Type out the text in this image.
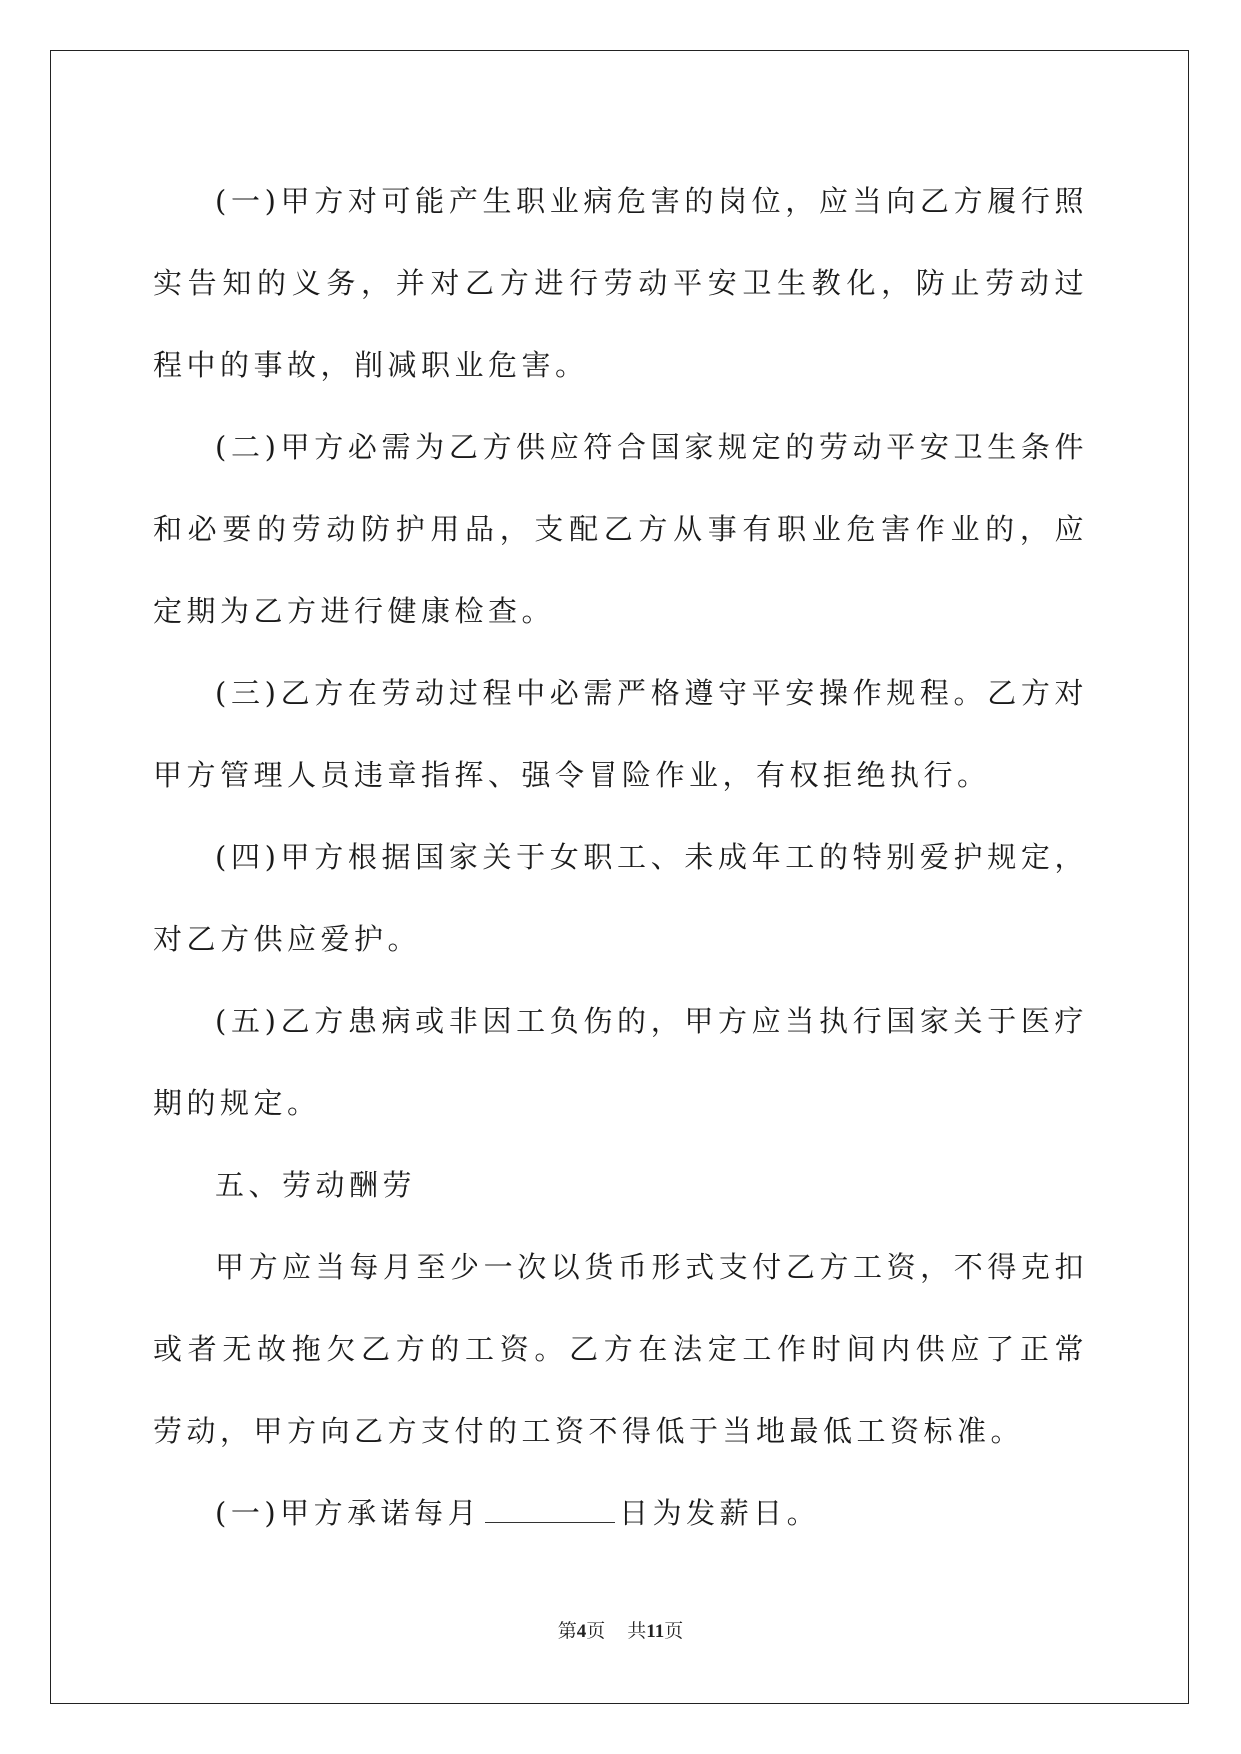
(一)甲方对可能产生职业病危害的岗位，应当向乙方履行照实告知的义务，并对乙方进行劳动平安卫生教化，防止劳动过程中的事故，削减职业危害。

(二)甲方必需为乙方供应符合国家规定的劳动平安卫生条件和必要的劳动防护用品，支配乙方从事有职业危害作业的，应定期为乙方进行健康检查。

(三)乙方在劳动过程中必需严格遵守平安操作规程。乙方对甲方管理人员违章指挥、强令冒险作业，有权拒绝执行。

(四)甲方根据国家关于女职工、未成年工的特别爱护规定，对乙方供应爱护。

(五)乙方患病或非因工负伤的，甲方应当执行国家关于医疗期的规定。

五、劳动酬劳

甲方应当每月至少一次以货币形式支付乙方工资，不得克扣或者无故拖欠乙方的工资。乙方在法定工作时间内供应了正常劳动，甲方向乙方支付的工资不得低于当地最低工资标准。

(一)甲方承诺每月	日为发薪日。

第4页 共11页
